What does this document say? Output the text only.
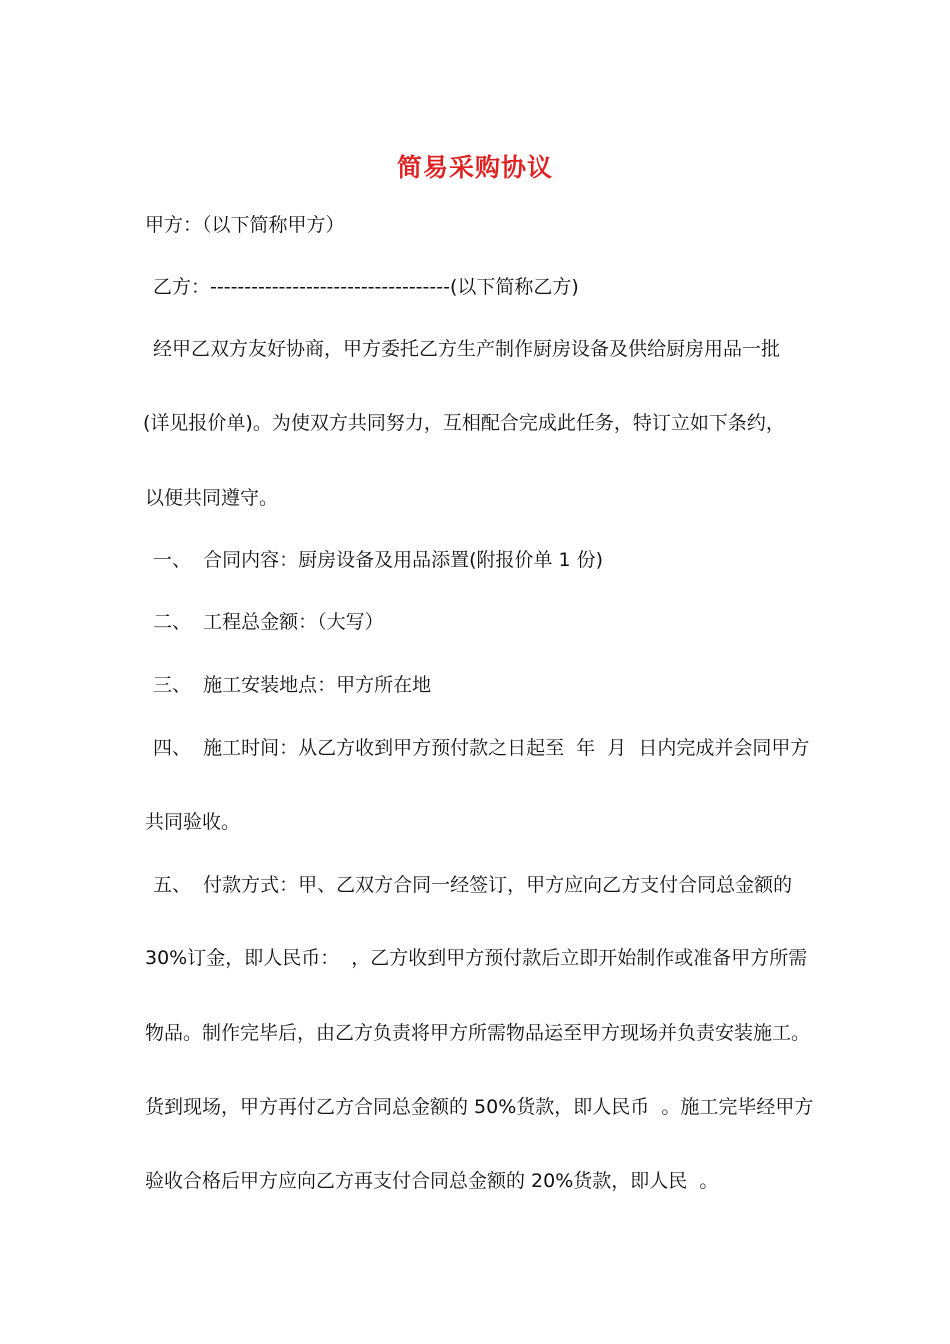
简易采购协议
甲方：（以下简称甲方）
乙方：-----------------------------------(以下简称乙方)
经甲乙双方友好协商，甲方委托乙方生产制作厨房设备及供给厨房用品一批
(详见报价单)。为使双方共同努力，互相配合完成此任务，特订立如下条约，
以便共同遵守。
一、  合同内容：厨房设备及用品添置(附报价单 1 份)
二、  工程总金额：（大写）
三、  施工安装地点：甲方所在地
四、  施工时间：从乙方收到甲方预付款之日起至  年  月  日内完成并会同甲方
共同验收。
五、  付款方式：甲、乙双方合同一经签订，甲方应向乙方支付合同总金额的
30%订金，即人民币：  ，乙方收到甲方预付款后立即开始制作或准备甲方所需
物品。制作完毕后，由乙方负责将甲方所需物品运至甲方现场并负责安装施工。
货到现场，甲方再付乙方合同总金额的 50%货款，即人民币  。施工完毕经甲方
验收合格后甲方应向乙方再支付合同总金额的 20%货款，即人民  。
